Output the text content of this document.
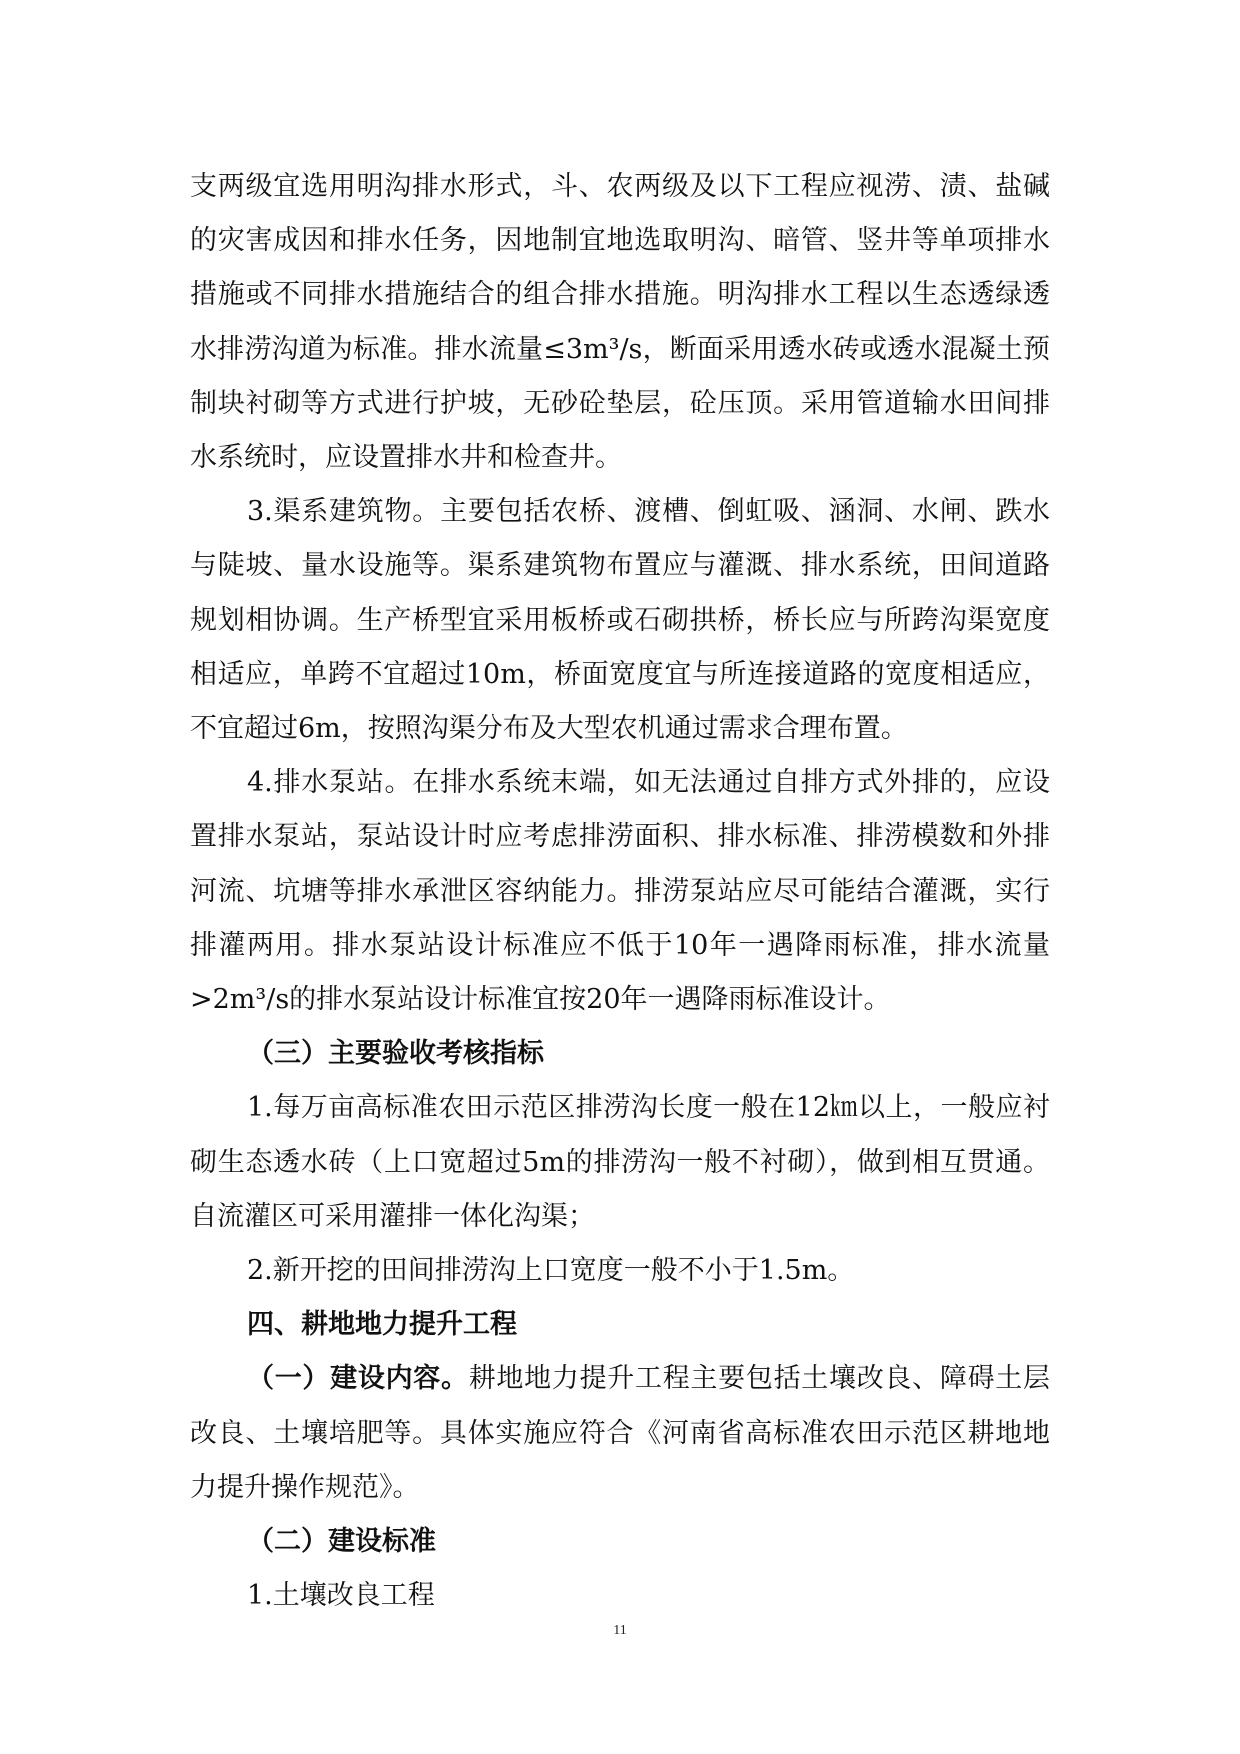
支两级宜选用明沟排水形式，斗、农两级及以下工程应视涝、渍、盐碱的灾害成因和排水任务，因地制宜地选取明沟、暗管、竖井等单项排水措施或不同排水措施结合的组合排水措施。明沟排水工程以生态透绿透水排涝沟道为标准。排水流量≤3m³/s，断面采用透水砖或透水混凝土预制块衬砌等方式进行护坡，无砂砼垫层，砼压顶。采用管道输水田间排水系统时，应设置排水井和检查井。

3.渠系建筑物。主要包括农桥、渡槽、倒虹吸、涵洞、水闸、跌水与陡坡、量水设施等。渠系建筑物布置应与灌溉、排水系统，田间道路规划相协调。生产桥型宜采用板桥或石砌拱桥，桥长应与所跨沟渠宽度相适应，单跨不宜超过10m，桥面宽度宜与所连接道路的宽度相适应，不宜超过6m，按照沟渠分布及大型农机通过需求合理布置。

4.排水泵站。在排水系统末端，如无法通过自排方式外排的，应设置排水泵站，泵站设计时应考虑排涝面积、排水标准、排涝模数和外排河流、坑塘等排水承泄区容纳能力。排涝泵站应尽可能结合灌溉，实行排灌两用。排水泵站设计标准应不低于10年一遇降雨标准，排水流量>2m³/s的排水泵站设计标准宜按20年一遇降雨标准设计。

（三）主要验收考核指标

1.每万亩高标准农田示范区排涝沟长度一般在12㎞以上，一般应衬砌生态透水砖（上口宽超过5m的排涝沟一般不衬砌），做到相互贯通。自流灌区可采用灌排一体化沟渠；

2.新开挖的田间排涝沟上口宽度一般不小于1.5m。

四、耕地地力提升工程

（一）建设内容。耕地地力提升工程主要包括土壤改良、障碍土层改良、土壤培肥等。具体实施应符合《河南省高标准农田示范区耕地地力提升操作规范》。

（二）建设标准

1.土壤改良工程

11
